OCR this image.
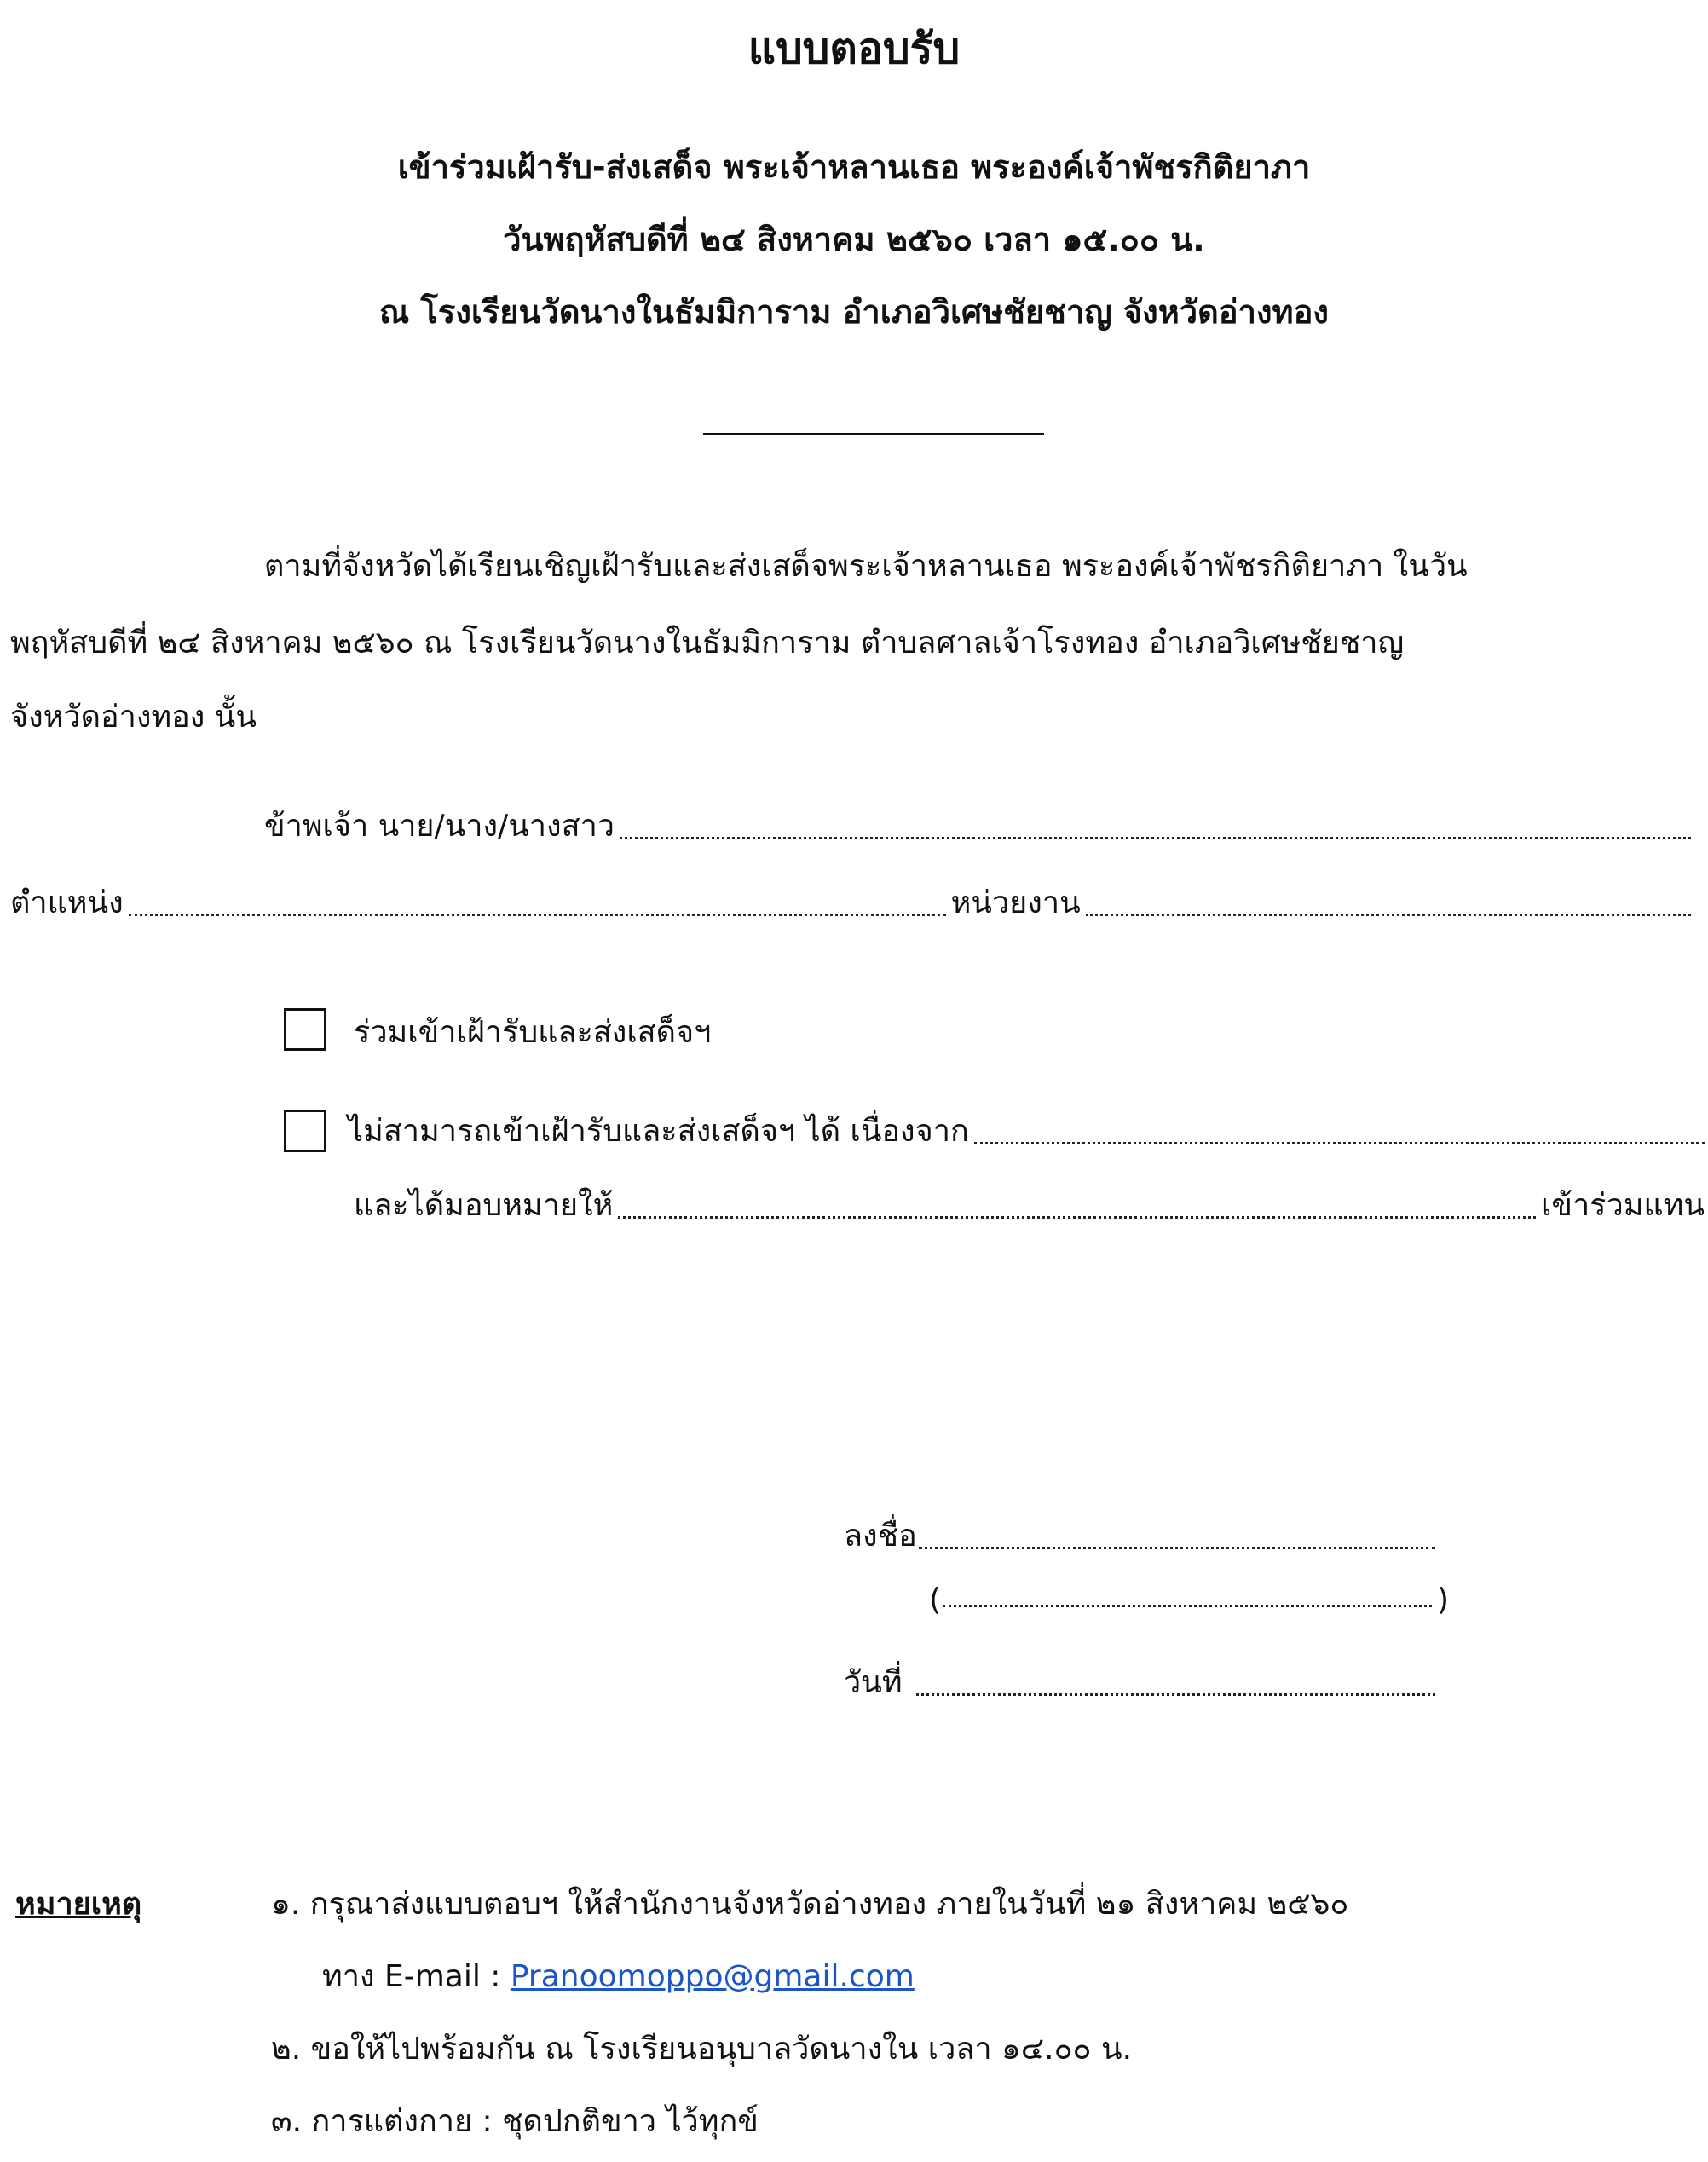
แบบตอบรับ
เข้าร่วมเฝ้ารับ-ส่งเสด็จ พระเจ้าหลานเธอ พระองค์เจ้าพัชรกิติยาภา
วันพฤหัสบดีที่ ๒๔ สิงหาคม ๒๕๖๐ เวลา ๑๕.๐๐ น.
ณ โรงเรียนวัดนางในธัมมิการาม อำเภอวิเศษชัยชาญ จังหวัดอ่างทอง
ตามที่จังหวัดได้เรียนเชิญเฝ้ารับและส่งเสด็จพระเจ้าหลานเธอ พระองค์เจ้าพัชรกิติยาภา ในวัน
พฤหัสบดีที่ ๒๔ สิงหาคม ๒๕๖๐ ณ โรงเรียนวัดนางในธัมมิการาม ตำบลศาลเจ้าโรงทอง อำเภอวิเศษชัยชาญ
จังหวัดอ่างทอง นั้น
ข้าพเจ้า นาย/นาง/นางสาว
ตำแหน่ง	หน่วยงาน
ร่วมเข้าเฝ้ารับและส่งเสด็จฯ
ไม่สามารถเข้าเฝ้ารับและส่งเสด็จฯ ได้ เนื่องจาก
และได้มอบหมายให้	เข้าร่วมแทน
ลงชื่อ
(	)
วันที่
หมายเหตุ	๑. กรุณาส่งแบบตอบฯ ให้สำนักงานจังหวัดอ่างทอง ภายในวันที่ ๒๑ สิงหาคม ๒๕๖๐
ทาง E-mail : Pranoomoppo@gmail.com
๒. ขอให้ไปพร้อมกัน ณ โรงเรียนอนุบาลวัดนางใน เวลา ๑๔.๐๐ น.
๓. การแต่งกาย : ชุดปกติขาว ไว้ทุกข์
